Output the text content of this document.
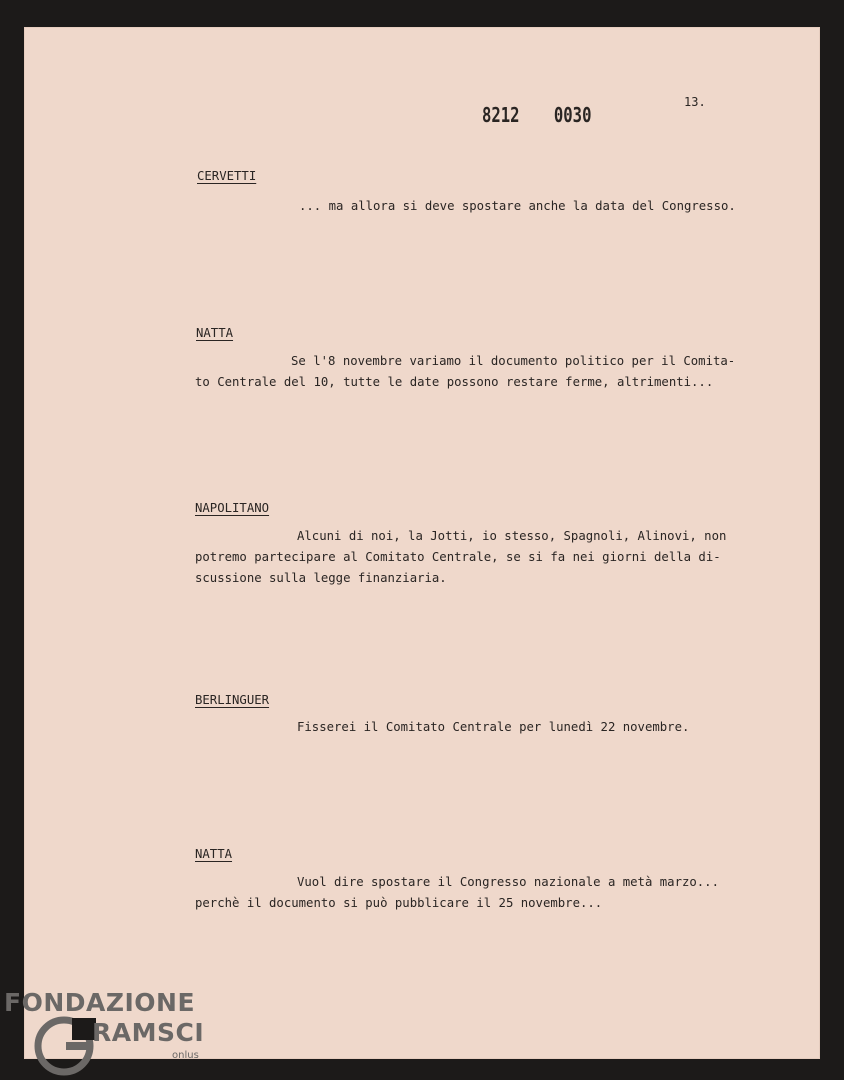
13.
8212 0030
CERVETTI
... ma allora si deve spostare anche la data del Congresso.
NATTA
Se l'8 novembre variamo il documento politico per il Comita-
to Centrale del 10, tutte le date possono restare ferme, altrimenti...
NAPOLITANO
Alcuni di noi, la Jotti, io stesso, Spagnoli, Alinovi, non
potremo partecipare al Comitato Centrale, se si fa nei giorni della di-
scussione sulla legge finanziaria.
BERLINGUER
Fisserei il Comitato Centrale per lunedì 22 novembre.
NATTA
Vuol dire spostare il Congresso nazionale a metà marzo...
perchè il documento si può pubblicare il 25 novembre...
FONDAZIONE
RAMSCI
onlus
